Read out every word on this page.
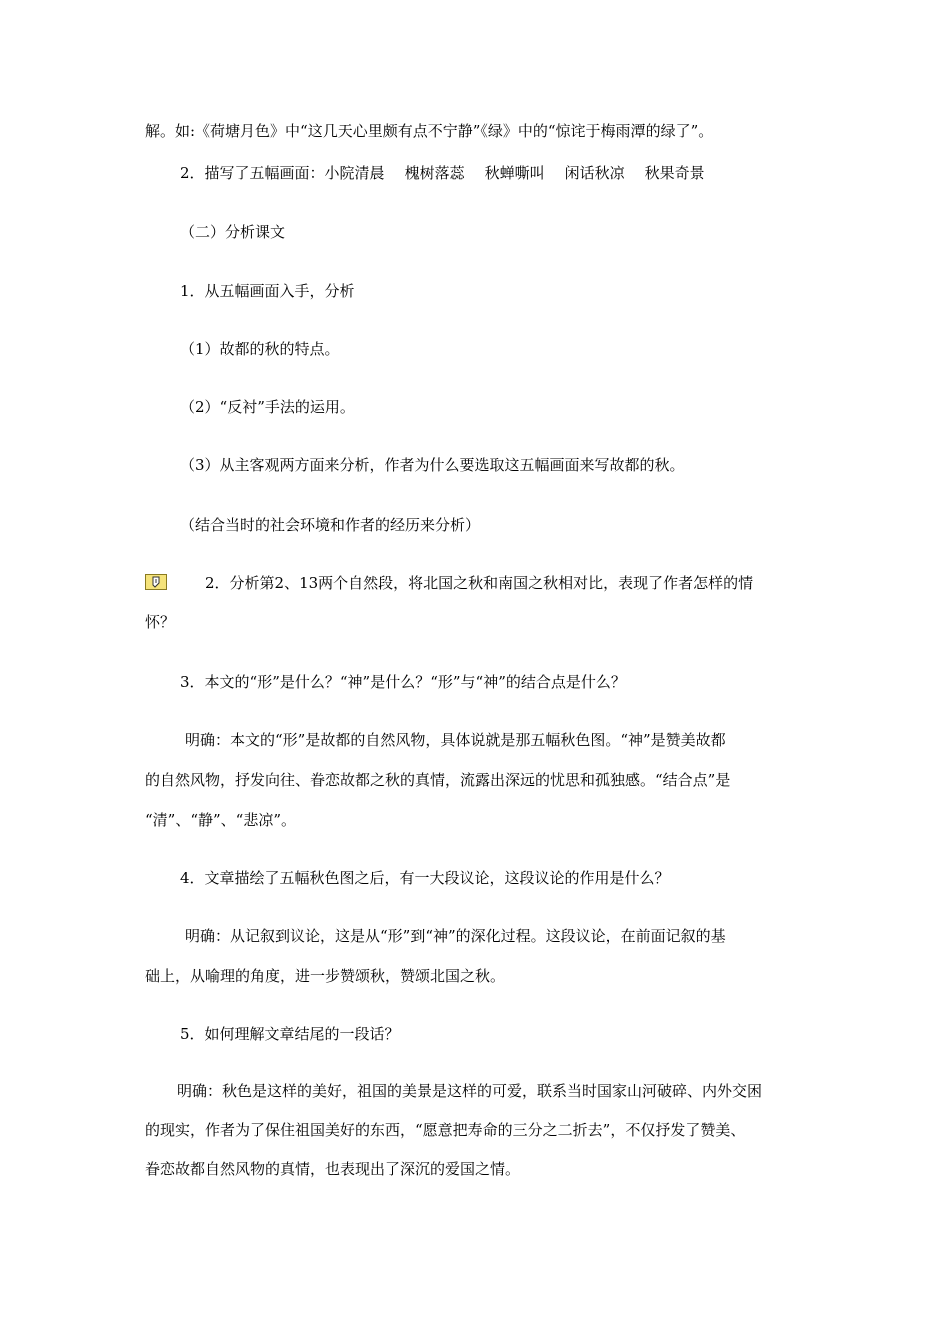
解。如:《荷塘月色》中“这几天心里颇有点不宁静”《绿》中的“惊诧于梅雨潭的绿了”。
2．描写了五幅画面：小院清晨 槐树落蕊 秋蝉嘶叫 闲话秋凉 秋果奇景
（二）分析课文
1．从五幅画面入手，分析
（1）故都的秋的特点。
（2）“反衬”手法的运用。
（3）从主客观两方面来分析，作者为什么要选取这五幅画面来写故都的秋。
（结合当时的社会环境和作者的经历来分析）
2．分析第2、13两个自然段，将北国之秋和南国之秋相对比，表现了作者怎样的情
怀？
3．本文的“形”是什么？“神”是什么？“形”与“神”的结合点是什么？
明确：本文的“形”是故都的自然风物，具体说就是那五幅秋色图。“神”是赞美故都
的自然风物，抒发向往、眷恋故都之秋的真情，流露出深远的忧思和孤独感。“结合点”是
“清”、“静”、“悲凉”。
4．文章描绘了五幅秋色图之后，有一大段议论，这段议论的作用是什么？
明确：从记叙到议论，这是从“形”到“神”的深化过程。这段议论，在前面记叙的基
础上，从喻理的角度，进一步赞颂秋，赞颂北国之秋。
5．如何理解文章结尾的一段话？
明确：秋色是这样的美好，祖国的美景是这样的可爱，联系当时国家山河破碎、内外交困
的现实，作者为了保住祖国美好的东西，“愿意把寿命的三分之二折去”，不仅抒发了赞美、
眷恋故都自然风物的真情，也表现出了深沉的爱国之情。
